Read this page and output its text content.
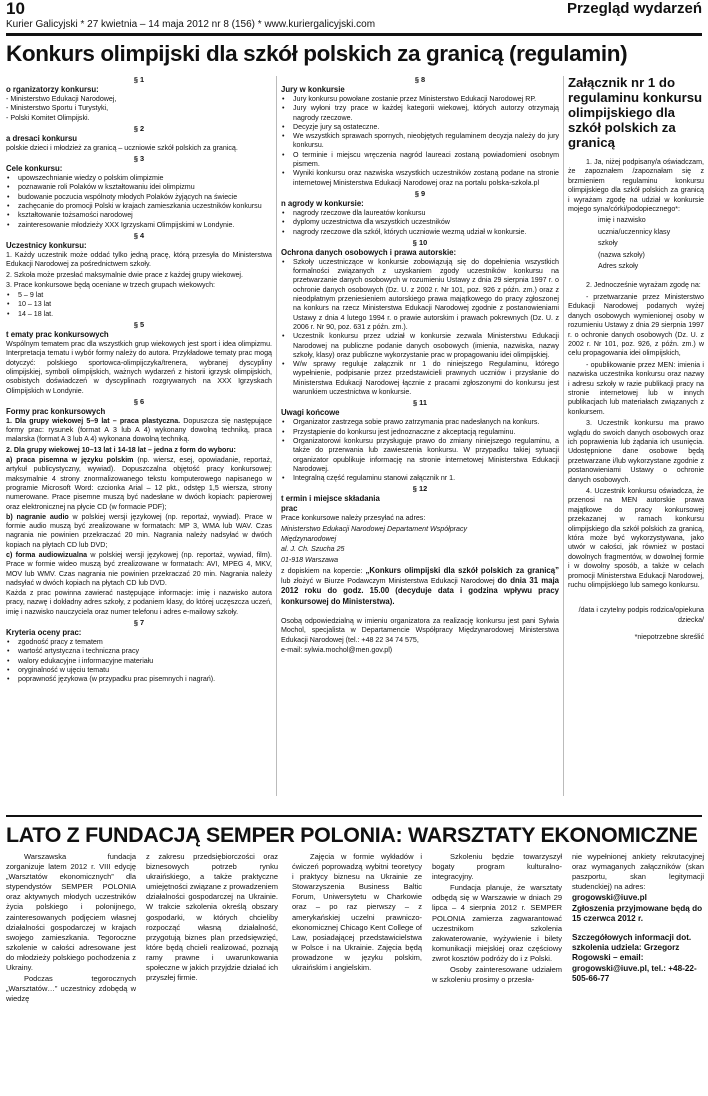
10	Przegląd wydarzeń
Kurier Galicyjski * 27 kwietnia – 14 maja 2012 nr 8 (156) * www.kuriergalicyjski.com
Konkurs olimpijski dla szkół polskich za granicą (regulamin)
§ 1
o rganizatorzy konkursu:
- Ministerstwo Edukacji Narodowej,
- Ministerstwo Sportu i Turystyki,
- Polski Komitet Olimpijski.
§ 2
a dresaci konkursu
polskie dzieci i młodzież za granicą – uczniowie szkół polskich za granicą.
§ 3
Cele konkursu:
• upowszechnianie wiedzy o polskim olimpizmie
• poznawanie roli Polaków w kształtowaniu idei olimpizmu
• budowanie poczucia wspólnoty młodych Polaków żyjących na świecie
• zachęcanie do promocji Polski w krajach zamieszkania uczestników konkursu
• kształtowanie tożsamości narodowej
• zainteresowanie młodzieży XXX Igrzyskami Olimpijskimi w Londynie.
§ 4
Uczestnicy konkursu:
1. Każdy uczestnik może oddać tylko jedną pracę, którą przesyła do Ministerstwa Edukacji Narodowej za pośrednictwem szkoły.
2. Szkoła może przesłać maksymalnie dwie prace z każdej grupy wiekowej.
3. Prace konkursowe będą oceniane w trzech grupach wiekowych:
• 5 – 9 lat
• 10 – 13 lat
• 14 – 18 lat.
§ 5
t ematy prac konkursowych
Wspólnym tematem prac dla wszystkich grup wiekowych jest sport i idea olimpizmu. Interpretacja tematu i wybór formy należy do autora. Przykładowe tematy prac mogą dotyczyć: polskiego sportowca-olimpijczyka/trenera, wybranej dyscypliny olimpijskiej, symboli olimpijskich, ważnych wydarzeń z historii igrzysk olimpijskich, osobistych doświadczeń w dyscyplinach rozgrywanych na XXX Igrzyskach Olimpijskich w Londynie.
§ 6
Formy prac konkursowych
1. Dla grupy wiekowej 5–9 lat – praca plastyczna. Dopuszcza się następujące formy prac: rysunek (format A 3 lub A 4) wykonany dowolną techniką, praca malarska (format A 3 lub A 4) wykonana dowolną techniką.
2. Dla grupy wiekowej 10–13 lat i 14-18 lat – jedna z form do wyboru:
a) praca pisemna w języku polskim (np. wiersz, esej, opowiadanie, reportaż, artykuł publicystyczny, wywiad). Dopuszczalna objętość pracy konkursowej: maksymalnie 4 strony znormalizowanego tekstu komputerowego napisanego w programie Microsoft Word: czcionka Arial – 12 pkt., odstęp 1,5 wiersza, strony numerowane. Prace pisemne muszą być nadesłane w dwóch kopiach: papierowej oraz elektronicznej na płycie CD (w formacie PDF);
b) nagranie audio w polskiej wersji językowej (np. reportaż, wywiad). Prace w formie audio muszą być zrealizowane w formatach: MP 3, WMA lub WAV. Czas nagrania nie powinien przekraczać 20 min. Nagrania należy nadsyłać w dwóch kopiach na płytach CD lub DVD;
c) forma audiowizualna w polskiej wersji językowej (np. reportaż, wywiad, film). Prace w formie wideo muszą być zrealizowane w formatach: AVI, MPEG 4, MKV, MOV lub WMV. Czas nagrania nie powinien przekraczać 20 min. Nagrania należy nadsyłać w dwóch kopiach na płytach CD lub DVD.
Każda z prac powinna zawierać następujące informacje: imię i nazwisko autora pracy, nazwę i dokładny adres szkoły, z podaniem klasy, do której uczęszcza uczeń, imię i nazwisko nauczyciela oraz numer telefonu i adres e-mailowy szkoły.
§ 7
Kryteria oceny prac:
• zgodność pracy z tematem
• wartość artystyczna i techniczna pracy
• walory edukacyjne i informacyjne materiału
• oryginalność w ujęciu tematu
• poprawność językowa (w przypadku prac pisemnych i nagrań).
§ 8
Jury w konkursie
• Jury konkursu powołane zostanie przez Ministerstwo Edukacji Narodowej RP.
• Jury wyłoni trzy prace w każdej kategorii wiekowej, których autorzy otrzymają nagrody rzeczowe.
• Decyzje jury są ostateczne.
• We wszystkich sprawach spornych, nieobjętych regulaminem decyzja należy do jury konkursu.
• O terminie i miejscu wręczenia nagród laureaci zostaną powiadomieni osobnym pismem.
• Wyniki konkursu oraz nazwiska wszystkich uczestników zostaną podane na stronie internetowej Ministerstwa Edukacji Narodowej oraz na portalu polska-szkola.pl
§ 9
n agrody w konkursie:
• nagrody rzeczowe dla laureatów konkursu
• dyplomy uczestnictwa dla wszystkich uczestników
• nagrody rzeczowe dla szkół, których uczniowie wezmą udział w konkursie.
§ 10
Ochrona danych osobowych i prawa autorskie:
• Szkoły uczestniczące w konkursie zobowiązują się do dopełnienia wszystkich formalności związanych z uzyskaniem zgody uczestników konkursu na przetwarzanie danych osobowych w rozumieniu Ustawy z dnia 29 sierpnia 1997 r. o ochronie danych osobowych (Dz. U. z 2002 r. Nr 101, poz. 926 z późn. zm.) oraz z nieodpłatnym przeniesieniem autorskiego prawa majątkowego do pracy zgłoszonej na konkurs na rzecz Ministerstwa Edukacji Narodowej zgodnie z postanowieniami Ustawy z dnia 4 lutego 1994 r. o prawie autorskim i prawach pokrewnych (Dz. U. z 2006 r. Nr 90, poz. 631 z późn. zm.).
• Uczestnik konkursu przez udział w konkursie zezwala Ministerstwu Edukacji Narodowej na publiczne podanie danych osobowych (imienia, nazwiska, nazwy szkoły, klasy) oraz publiczne wykorzystanie prac w propagowaniu idei olimpijskiej.
• W/w sprawy reguluje załącznik nr 1 do niniejszego Regulaminu, którego wypełnienie, podpisanie przez przedstawicieli prawnych uczniów i przysłanie do Ministerstwa Edukacji Narodowej łącznie z pracami zgłoszonymi do konkursu jest warunkiem uczestnictwa w konkursie.
§ 11
Uwagi końcowe
• Organizator zastrzega sobie prawo zatrzymania prac nadesłanych na konkurs.
• Przystąpienie do konkursu jest jednoznaczne z akceptacją regulaminu.
• Organizatorowi konkursu przysługuje prawo do zmiany niniejszego regulaminu, a także do przerwania lub zawieszenia konkursu. W przypadku takiej sytuacji organizator opublikuje informację na stronie internetowej Ministerstwa Edukacji Narodowej.
• Integralną część regulaminu stanowi załącznik nr 1.
§ 12
t ermin i miejsce składania prac
Prace konkursowe należy przesyłać na adres:
Ministerstwo Edukacji Narodowej Departament Współpracy
Międzynarodowej
al. J. Ch. Szucha 25
01-918 Warszawa
z dopiskiem na kopercie: „Konkurs olimpijski dla szkół polskich za granicą” lub złożyć w Biurze Podawczym Ministerstwa Edukacji Narodowej do dnia 31 maja 2012 roku do godz. 15.00 (decyduje data i godzina wpływu pracy konkursowej do Ministerstwa).
Osobą odpowiedzialną w imieniu organizatora za realizację konkursu jest pani Sylwia Mochol, specjalista w Departamencie Współpracy Międzynarodowej Ministerstwa Edukacji Narodowej (tel.: +48 22 34 74 575,
e-mail: sylwia.mochol@men.gov.pl)
Załącznik nr 1 do regulaminu konkursu olimpijskiego dla szkół polskich za granicą
1. Ja, niżej podpisany/a oświadczam, że zapoznałem /zapoznałam się z brzmieniem regulaminu konkursu olimpijskiego dla szkół polskich za granicą i wyrażam zgodę na udział w konkursie mojego syna/córki/podopiecznego*:
imię i nazwisko
ucznia/uczennicy klasy
szkoły
(nazwa szkoły)
Adres szkoły
2. Jednocześnie wyrażam zgodę na:
- przetwarzanie przez Ministerstwo Edukacji Narodowej podanych wyżej danych osobowych wymienionej osoby w rozumieniu Ustawy z dnia 29 sierpnia 1997 r. o ochronie danych osobowych (Dz. U. z 2002 r. Nr 101, poz. 926, z późn. zm.) w celu propagowania idei olimpijskich,
- opublikowanie przez MEN: imienia i nazwiska uczestnika konkursu oraz nazwy i adresu szkoły w razie publikacji pracy na stronie internetowej lub w innych publikacjach lub materiałach związanych z konkursem.
3. Uczestnik konkursu ma prawo wglądu do swoich danych osobowych oraz ich poprawienia lub żądania ich usunięcia. Udostępnione dane osobowe będą przetwarzane i/lub wykorzystane zgodnie z postanowieniami Ustawy o ochronie danych osobowych.
4. Uczestnik konkursu oświadcza, że przenosi na MEN autorskie prawa majątkowe do pracy konkursowej przekazanej w ramach konkursu olimpijskiego dla szkół polskich za granicą, która może być wykorzystywana, jako utwór w całości, jak również w postaci dowolnych fragmentów, w dowolnej formie i w dowolny sposób, a także w celach promocji Ministerstwa Edukacji Narodowej, ruchu olimpijskiego lub samego konkursu.
/data i czytelny podpis rodzica/opiekuna dziecka/
*niepotrzebne skreślić
LATO Z FUNDACJĄ SEMPER POLONIA: WARSZTATY EKONOMICZNE
Warszawska fundacja zorganizuje latem 2012 r. VIII edycję „Warsztatów ekonomicznych” dla stypendystów SEMPER POLONIA oraz aktywnych młodych uczestników życia polskiego i polonijnego, zainteresowanych podjęciem własnej działalności gospodarczej w krajach swojego zamieszkania. Tegoroczne szkolenie w całości adresowane jest do młodzieży polskiego pochodzenia z Ukrainy.
Podczas tegorocznych „Warsztatów…” uczestnicy zdobędą w wiedzę
z zakresu przedsiębiorczości oraz biznesowych potrzeb rynku ukraińskiego, a także praktyczne umiejętności związane z prowadzeniem działalności gospodarczej na Ukrainie. W trakcie szkolenia określą obszary gospodarki, w których chcieliby rozpocząć własną działalność, przygotują biznes plan przedsięwzięć, które będą chcieli realizować, poznają ramy prawne i uwarunkowania społeczne w jakich przyjdzie działać ich przyszłej firmie.
Zajęcia w formie wykładów i ćwiczeń poprowadzą wybitni teoretycy i praktycy biznesu na Ukrainie ze Stowarzyszenia Business Baltic Forum, Uniwersytetu w Charkowie oraz – po raz pierwszy – z amerykańskiej uczelni prawniczo-ekonomicznej Chicago Kent College of Law, posiadającej przedstawicielstwa w Polsce i na Ukrainie. Zajęcia będą prowadzone w języku polskim, ukraińskim i angielskim.
Szkoleniu będzie towarzyszył bogaty program kulturalno-integracyjny.
Fundacja planuje, że warsztaty odbędą się w Warszawie w dniach 29 lipca – 4 sierpnia 2012 r. SEMPER POLONIA zamierza zagwarantować uczestnikom szkolenia zakwaterowanie, wyżywienie i bilety komunikacji miejskiej oraz częściowy zwrot kosztów podróży do i z Polski.
Osoby zainteresowane udziałem w szkoleniu prosimy o przesła-
nie wypełnionej ankiety rekrutacyjnej oraz wymaganych załączników (skan paszportu, skan legitymacji studenckiej) na adres:
grogowski@iuve.pl
Zgłoszenia przyjmowane będą do 15 czerwca 2012 r.
Szczegółowych informacji dot. szkolenia udziela: Grzegorz Rogowski – email: grogowski@iuve.pl, tel.: +48-22-505-66-77
